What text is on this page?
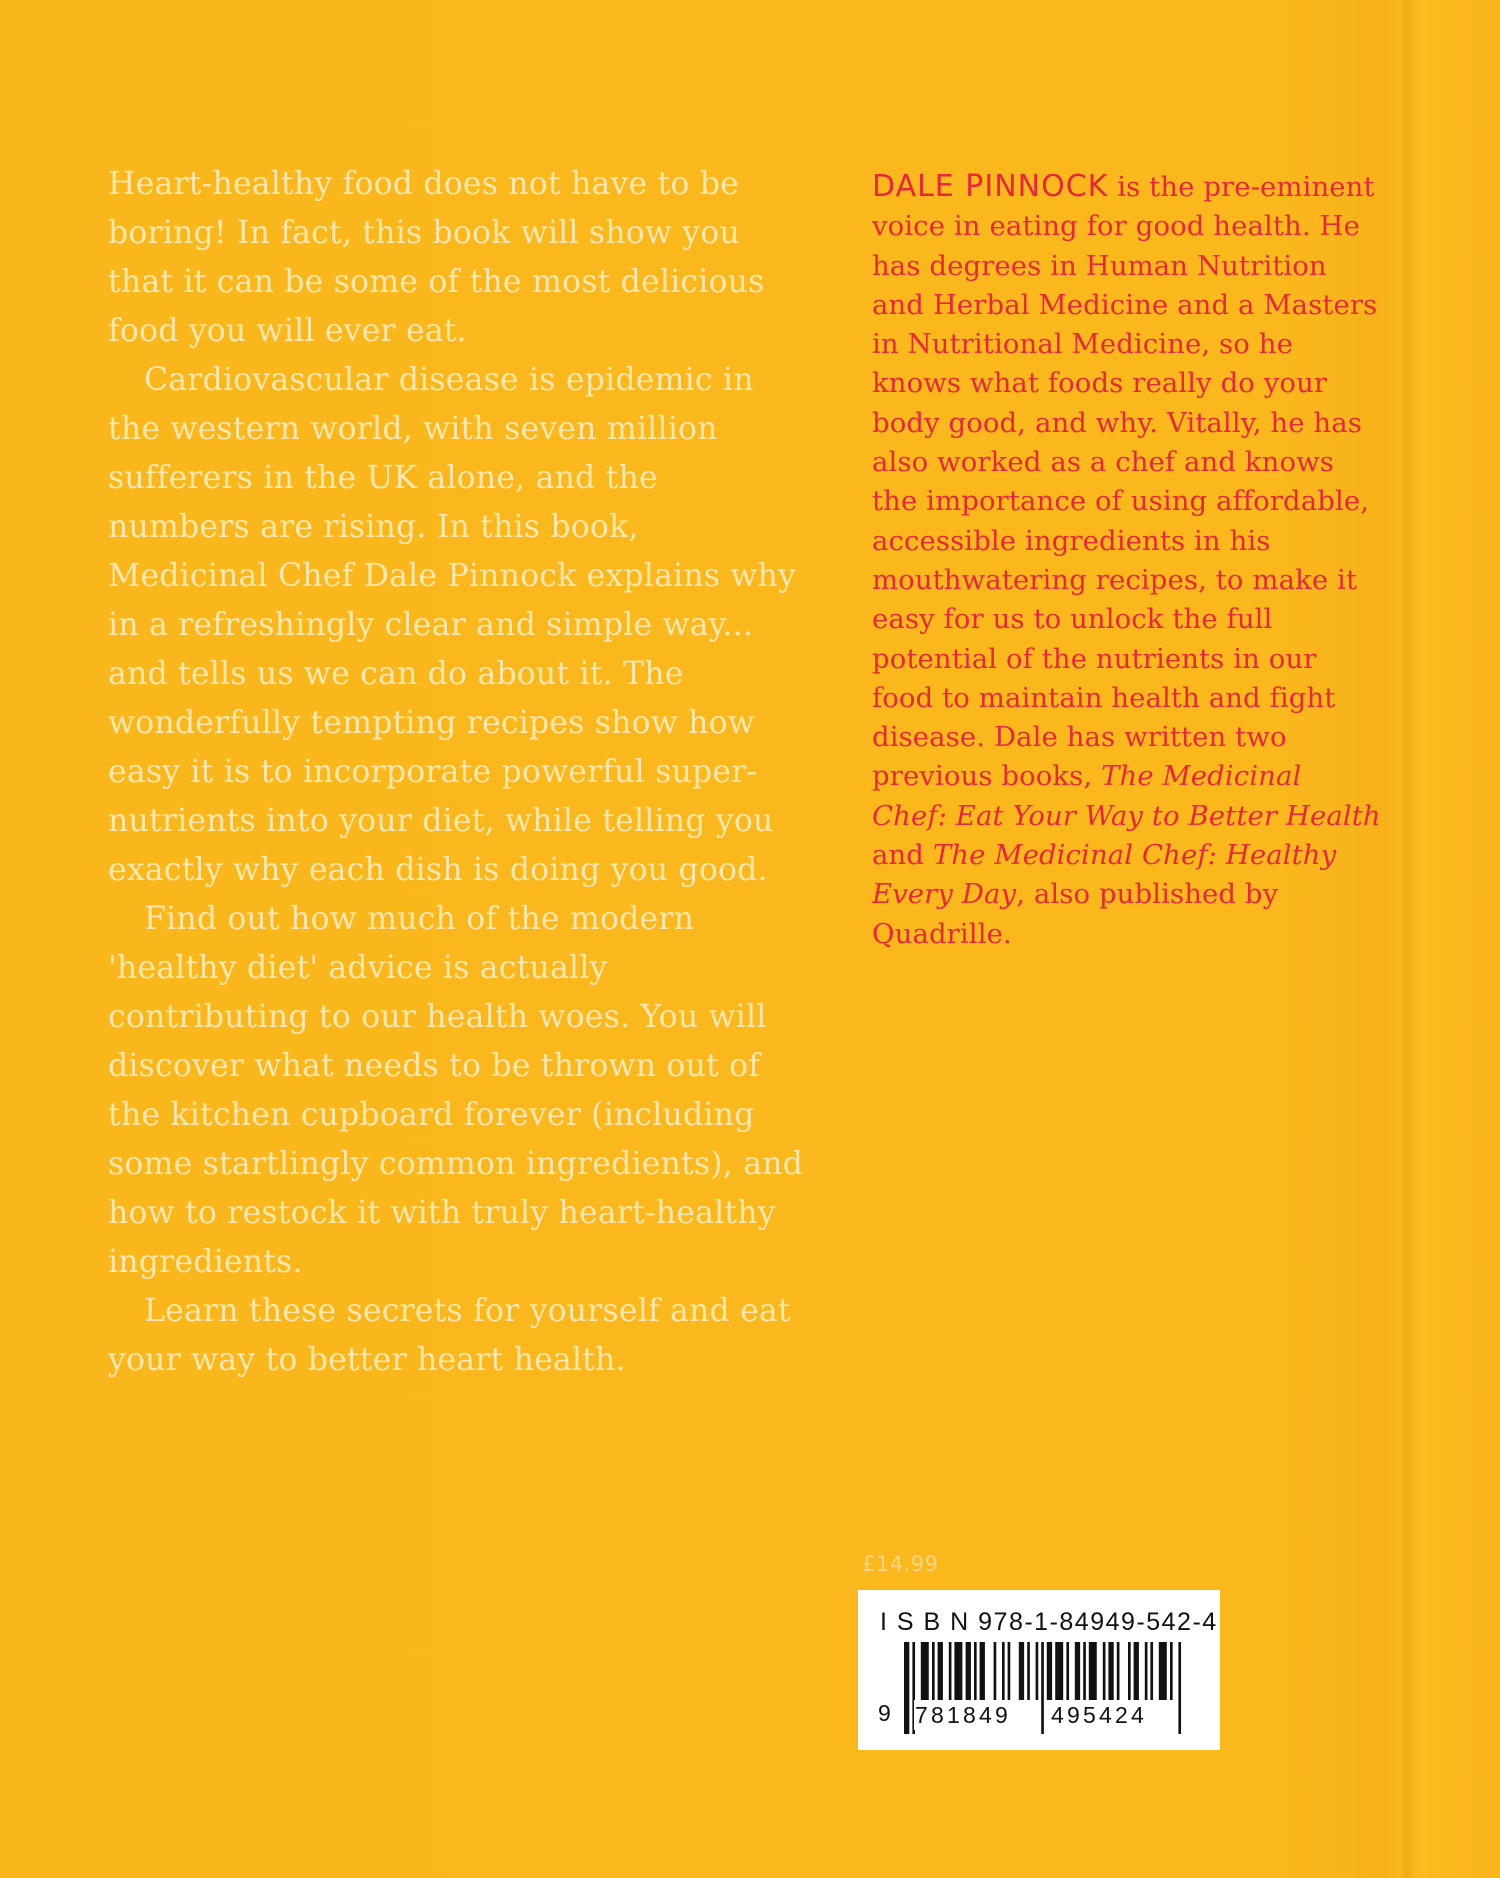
Heart-healthy food does not have to be boring! In fact, this book will show you that it can be some of the most delicious food you will ever eat.

Cardiovascular disease is epidemic in the western world, with seven million sufferers in the UK alone, and the numbers are rising. In this book, Medicinal Chef Dale Pinnock explains why in a refreshingly clear and simple way... and tells us we can do about it. The wonderfully tempting recipes show how easy it is to incorporate powerful super-nutrients into your diet, while telling you exactly why each dish is doing you good.

Find out how much of the modern 'healthy diet' advice is actually contributing to our health woes. You will discover what needs to be thrown out of the kitchen cupboard forever (including some startlingly common ingredients), and how to restock it with truly heart-healthy ingredients.

Learn these secrets for yourself and eat your way to better heart health.

DALE PINNOCK is the pre-eminent voice in eating for good health. He has degrees in Human Nutrition and Herbal Medicine and a Masters in Nutritional Medicine, so he knows what foods really do your body good, and why. Vitally, he has also worked as a chef and knows the importance of using affordable, accessible ingredients in his mouthwatering recipes, to make it easy for us to unlock the full potential of the nutrients in our food to maintain health and fight disease. Dale has written two previous books, The Medicinal Chef: Eat Your Way to Better Health and The Medicinal Chef: Healthy Every Day, also published by Quadrille.
£14.99
I S B N 978-1-84949-542-4
9 781849 495424
